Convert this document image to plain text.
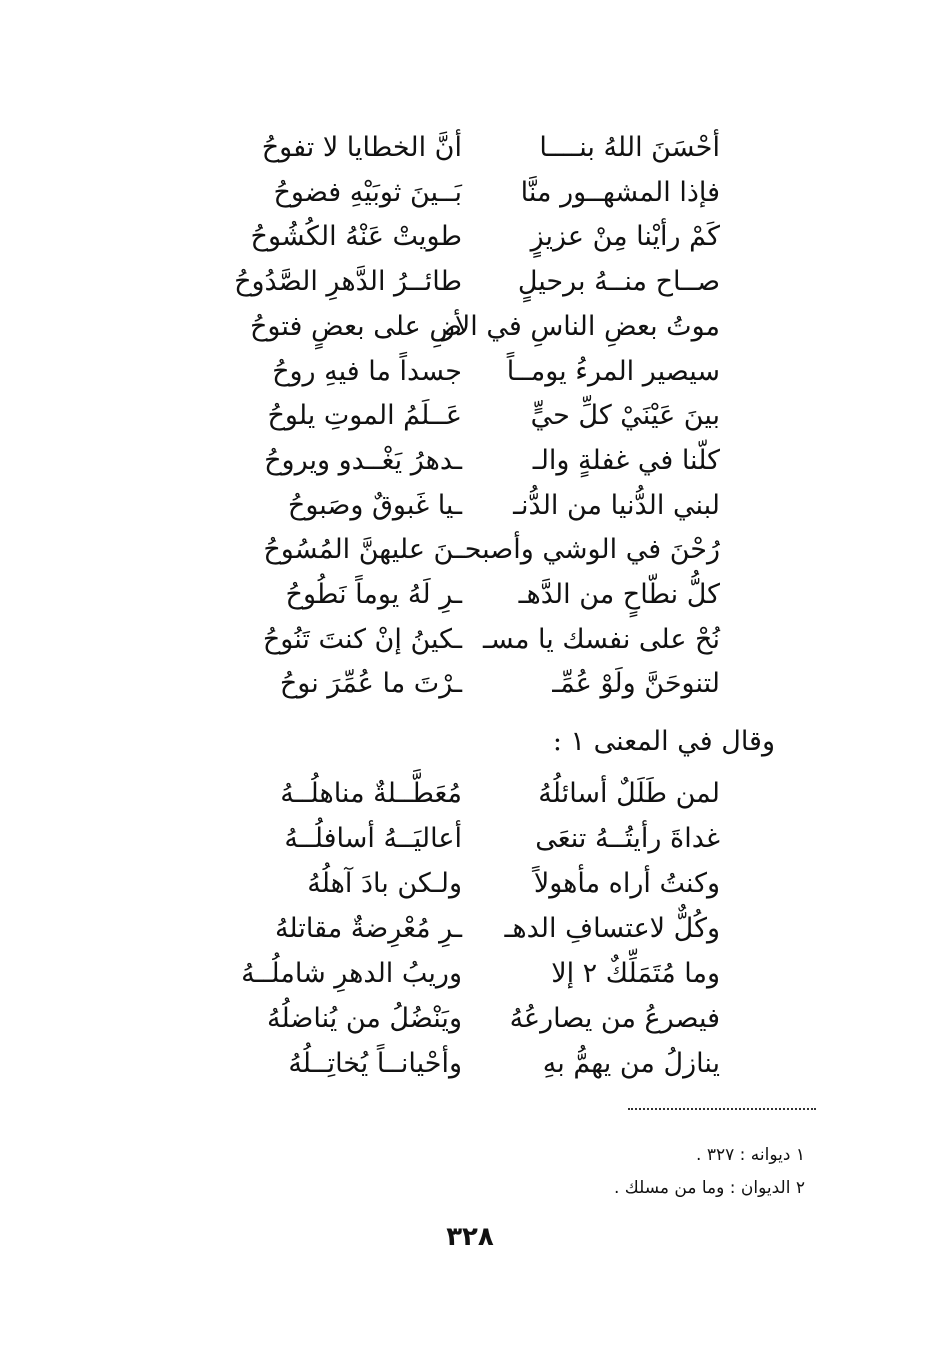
أحْسَنَ اللهُ بنــــا
أنَّ الخطايا لا تفوحُ
فإذا المشهــور منَّا
بَــينَ ثوبَيْهِ فضوحُ
كَمْ رأيْنا مِنْ عزيزٍ
طويتْ عَنْهُ الكُشُوحُ
صــاح منــهُ برحيلٍ
طائــرُ الدَّهرِ الصَّدُوحُ
موتُ بعضِ الناسِ في الأر
ضِ على بعضٍ فتوحُ
سيصير المرءُ يومــاً
جسداً ما فيهِ روحُ
بينَ عَيْنَيْ كلِّ حيٍّ
عَــلَمُ الموتِ يلوحُ
كلّنا في غفلةٍ والـ
ـدهرُ يَغْــدو ويروحُ
لبني الدُّنيا من الدُّنـ
ـيا غَبوقٌ وصَبوحُ
رُحْنَ في الوشي وأصبحـ
ـنَ عليهنَّ المُسُوحُ
كلُّ نطّاحٍ من الدَّهـ
ـرِ لَهُ يوماً نَطُوحُ
نُحْ على نفسك يا مسـ
ـكينُ إنْ كنتَ تَنُوحُ
لتنوحَنَّ ولَوْ عُمِّـ
ـرْتَ ما عُمِّرَ نوحُ
وقال في المعنى ١ :
لمن طَلَلٌ أسائلُهُ
مُعَطَّــلةٌ مناهلُــهُ
غداةَ رأيتُــهُ تنعَى
أعاليَــهُ أسافلُــهُ
وكنتُ أراه مأهولاً
ولـكن بادَ آهلُهُ
وكُلٌّ لاعتسافِ الدهـ
ـرِ مُعْرِضةٌ مقاتلهُ
وما مُتَمَلِّكٌ ٢ إلا
وريبُ الدهرِ شاملُــهُ
فيصرعُ من يصارعُهُ
ويَنْضُلُ من يُناضلُهُ
ينازلُ من يهمُّ بهِ
وأحْيانــاً يُخاتِــلُهُ
١ ديوانه : ٣٢٧ .
٢ الديوان : وما من مسلك .
٣٢٨
